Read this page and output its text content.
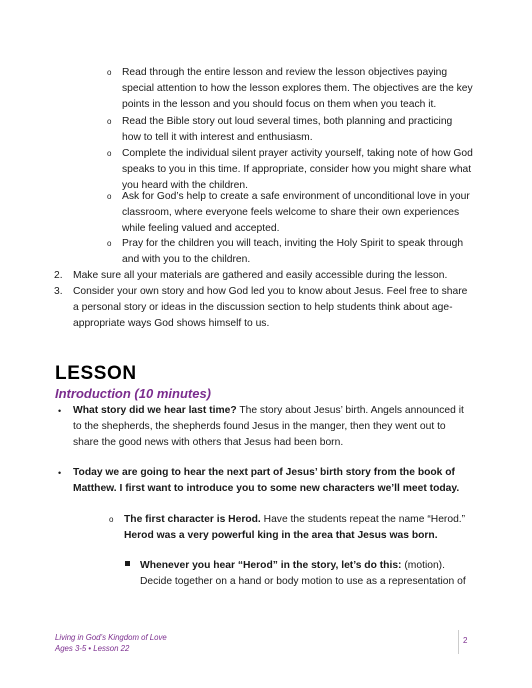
o Read through the entire lesson and review the lesson objectives paying special attention to how the lesson explores them. The objectives are the key points in the lesson and you should focus on them when you teach it.
o Read the Bible story out loud several times, both planning and practicing how to tell it with interest and enthusiasm.
o Complete the individual silent prayer activity yourself, taking note of how God speaks to you in this time. If appropriate, consider how you might share what you heard with the children.
o Ask for God’s help to create a safe environment of unconditional love in your classroom, where everyone feels welcome to share their own experiences while feeling valued and accepted.
o Pray for the children you will teach, inviting the Holy Spirit to speak through and with you to the children.
2. Make sure all your materials are gathered and easily accessible during the lesson.
3. Consider your own story and how God led you to know about Jesus. Feel free to share a personal story or ideas in the discussion section to help students think about age-appropriate ways God shows himself to us.
LESSON
Introduction (10 minutes)
• What story did we hear last time? The story about Jesus’ birth. Angels announced it to the shepherds, the shepherds found Jesus in the manger, then they went out to share the good news with others that Jesus had been born.
• Today we are going to hear the next part of Jesus’ birth story from the book of Matthew. I first want to introduce you to some new characters we’ll meet today.
o The first character is Herod. Have the students repeat the name “Herod.” Herod was a very powerful king in the area that Jesus was born.
Whenever you hear “Herod” in the story, let’s do this: (motion). Decide together on a hand or body motion to use as a representation of
Living in God’s Kingdom of Love
Ages 3-5 • Lesson 22
2
